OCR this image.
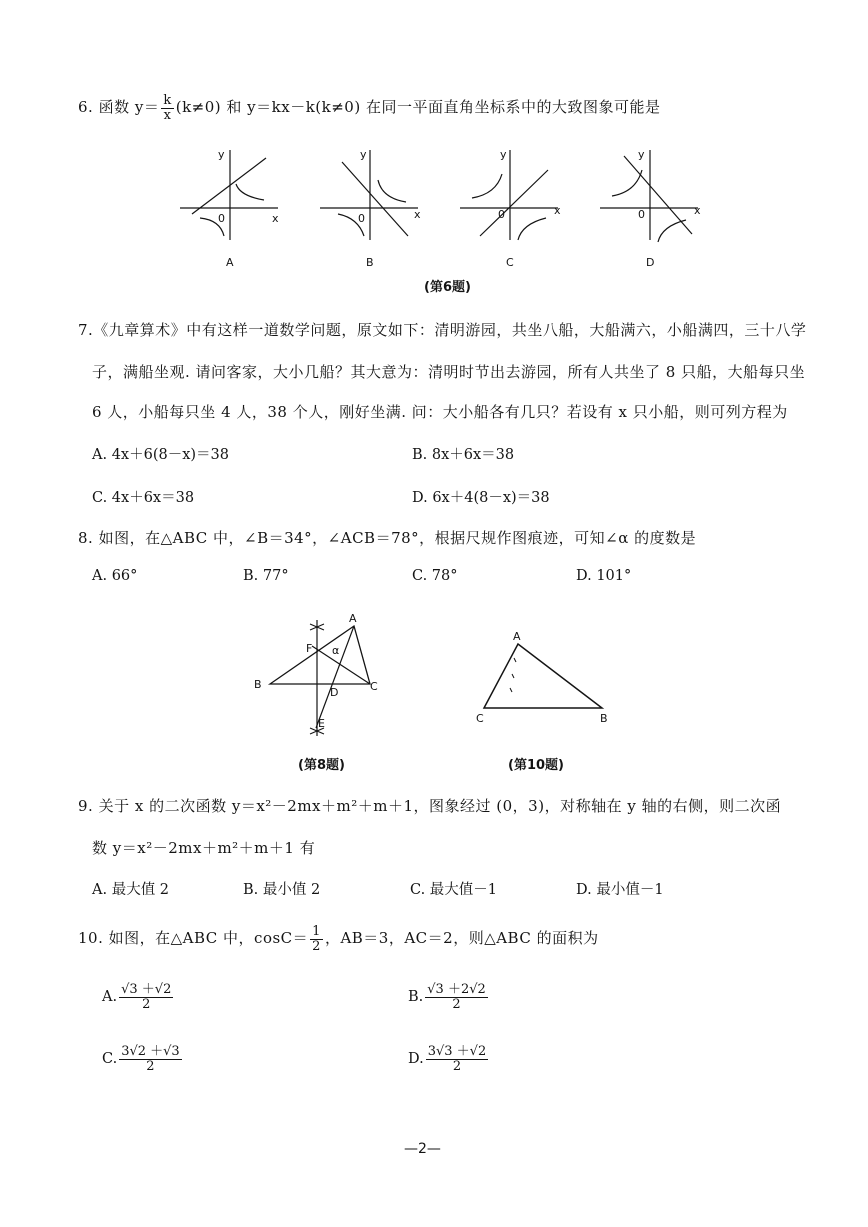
6. 函数 $y= \frac{k}{x} (k\ne 0)$ 和 y＝kx－k(k≠0) 在同一平面直角坐标系中的大致图象可能是
y
x
0
A
y
x
0
B
y
x
0
C
y
x
0
D
(第6题)
7.《九章算术》中有这样一道数学问题，原文如下：清明游园，共坐八船，大船满六，小船满四，三十八学
子，满船坐观. 请问客家，大小几船？其大意为：清明时节出去游园，所有人共坐了 8 只船，大船每只坐
6 人，小船每只坐 4 人，38 个人，刚好坐满. 问：大小船各有几只？若设有 x 只小船，则可列方程为
A. 4x＋6(8－x)＝38	B. 8x＋6x＝38
C. 4x＋6x＝38	D. 6x＋4(8－x)＝38
8. 如图，在△ABC 中，∠B＝34°，∠ACB＝78°，根据尺规作图痕迹，可知∠α 的度数是
A. 66°	B. 77°	C. 78°	D. 101°
B
A
C
D
E
F α
(第8题)
A
C	B
(第10题)
9. 关于 x 的二次函数 y＝x²－2mx＋m²＋m＋1，图象经过 (0，3)，对称轴在 y 轴的右侧，则二次函
数 y＝x²－2mx＋m²＋m＋1 有
A. 最大值 2	B. 最小值 2	C. 最大值－1	D. 最小值－1
10. 如图，在△ABC 中，$\cos C= \frac{1}{2}$ ，AB＝3，AC＝2，则△ABC 的面积为
A. $\frac{√3 +√2}{2}$	B. $\frac{√3 +2√2}{2}$
C. $\frac{3√2 +√3}{2}$	D. $\frac{3√3 +√2}{2}$
—2—
